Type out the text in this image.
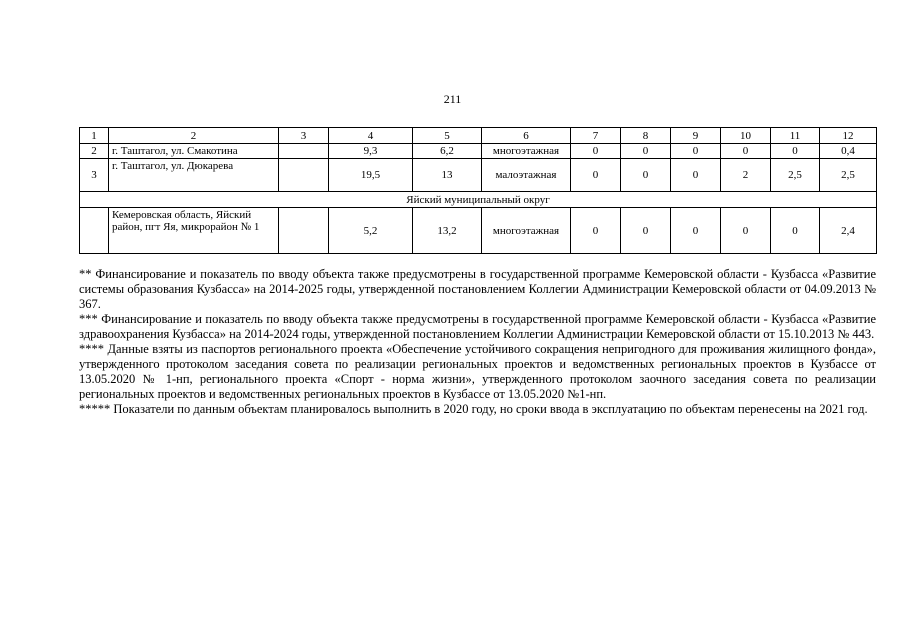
211
1	2	3	4	5	6	7	8	9	10	11	12
2	г. Таштагол, ул. Смакотина		9,3	6,2	многоэтажная	0	0	0	0	0	0,4
3	г. Таштагол, ул. Дюкарева		19,5	13	малоэтажная	0	0	0	2	2,5	2,5
Яйский муниципальный округ											
	Кемеровская область, Яйский район, пгт Яя, микрорайон № 1		5,2	13,2	многоэтажная	0	0	0	0	0	2,4

** Финансирование и показатель по вводу объекта также предусмотрены в государственной программе Кемеровской области - Кузбасса «Развитие системы образования Кузбасса» на 2014-2025 годы, утвержденной постановлением Коллегии Администрации Кемеровской области от 04.09.2013 № 367.

*** Финансирование и показатель по вводу объекта также предусмотрены в государственной программе Кемеровской области - Кузбасса «Развитие здравоохранения Кузбасса» на 2014-2024 годы, утвержденной постановлением Коллегии Администрации Кемеровской области от 15.10.2013 № 443.

**** Данные взяты из паспортов регионального проекта «Обеспечение устойчивого сокращения непригодного для проживания жилищного фонда», утвержденного протоколом заседания совета по реализации региональных проектов и ведомственных региональных проектов в Кузбассе от 13.05.2020 № 1-нп, регионального проекта «Спорт - норма жизни», утвержденного протоколом заочного заседания совета по реализации региональных проектов и ведомственных региональных проектов в Кузбассе от 13.05.2020 №1-нп.

***** Показатели по данным объектам планировалось выполнить в 2020 году, но сроки ввода в эксплуатацию по объектам перенесены на 2021 год.
